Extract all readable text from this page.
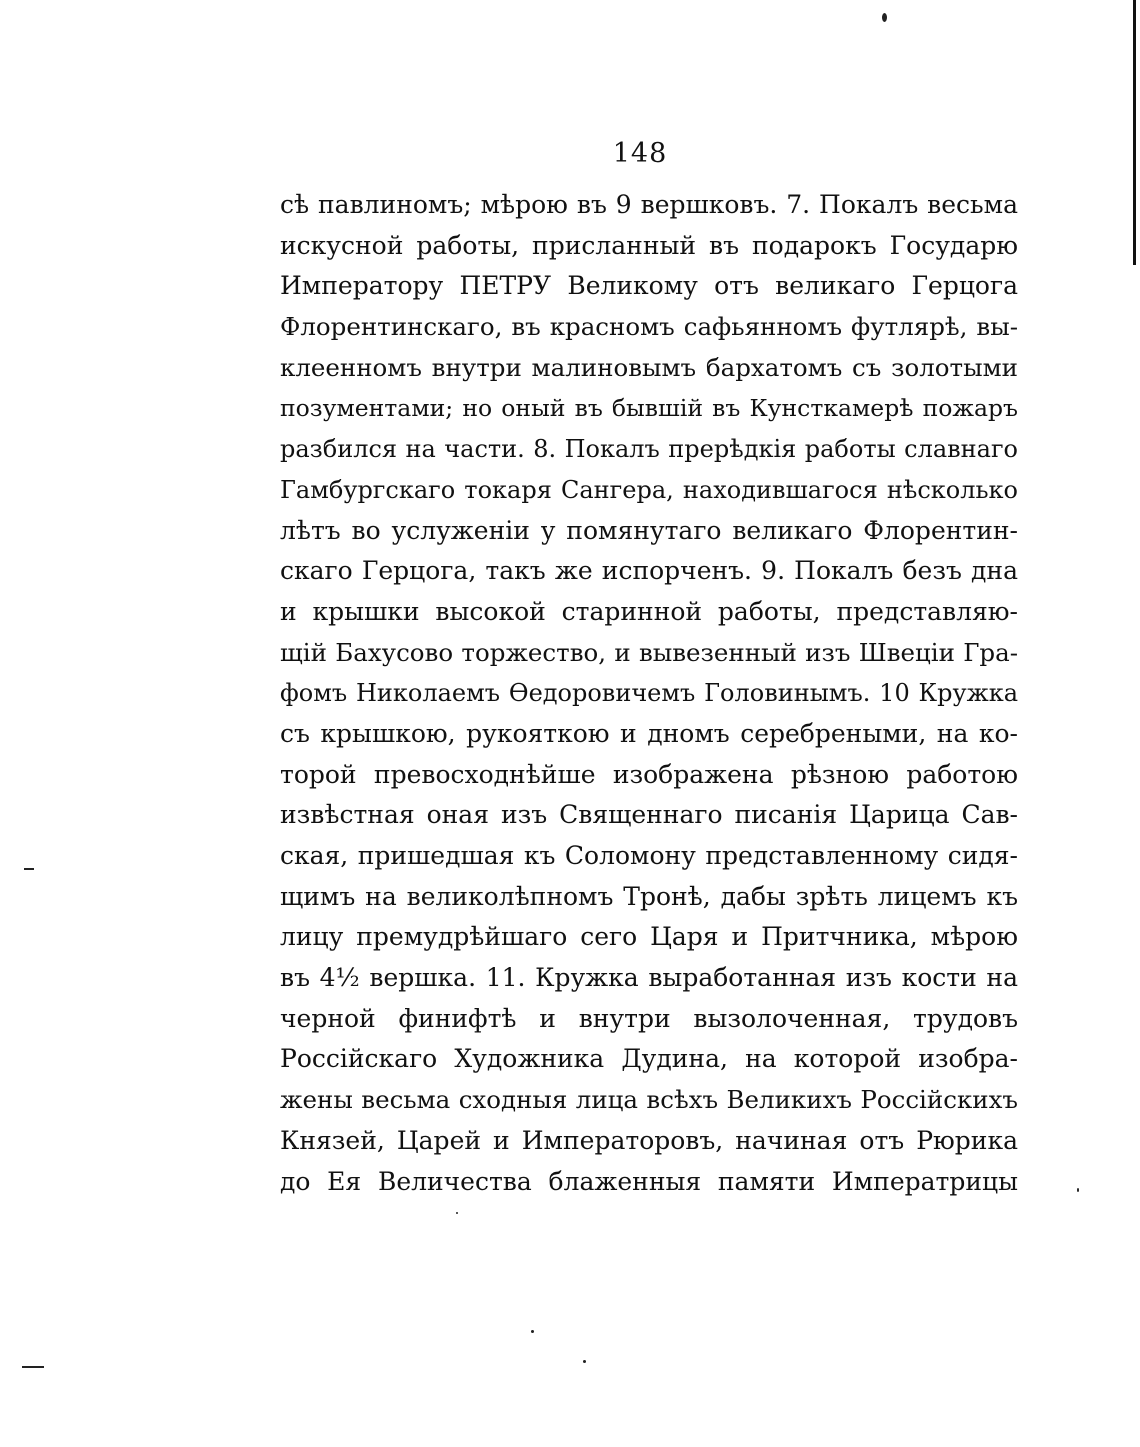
148
сѣ павлиномъ; мѣрою въ 9 вершковъ. 7. Покалъ весьма
искусной работы, присланный въ подарокъ Государю
Императору ПЕТРУ Великому отъ великаго Герцога
Флорентинскаго, въ красномъ сафьянномъ футлярѣ, вы-
клеенномъ внутри малиновымъ бархатомъ съ золотыми
позументами; но оный въ бывшій въ Кунсткамерѣ пожаръ
разбился на части. 8. Покалъ прерѣдкія работы славнаго
Гамбургскаго токаря Сангера, находившагося нѣсколько
лѣтъ во услуженіи у помянутаго великаго Флорентин-
скаго Герцога, такъ же испорченъ. 9. Покалъ безъ дна
и крышки высокой старинной работы, представляю-
щій Бахусово торжество, и вывезенный изъ Швеціи Гра-
фомъ Николаемъ Өедоровичемъ Головинымъ. 10 Кружка
съ крышкою, рукояткою и дномъ серебреными, на ко-
торой превосходнѣйше изображена рѣзною работою
извѣстная оная изъ Священнаго писанія Царица Сав-
ская, пришедшая къ Соломону представленному сидя-
щимъ на великолѣпномъ Тронѣ, дабы зрѣть лицемъ къ
лицу премудрѣйшаго сего Царя и Притчника, мѣрою
въ 4½ вершка. 11. Кружка выработанная изъ кости на
черной финифтѣ и внутри вызолоченная, трудовъ
Россійскаго Художника Дудина, на которой изобра-
жены весьма сходныя лица всѣхъ Великихъ Россійскихъ
Князей, Царей и Императоровъ, начиная отъ Рюрика
до Ея Величества блаженныя памяти Императрицы
